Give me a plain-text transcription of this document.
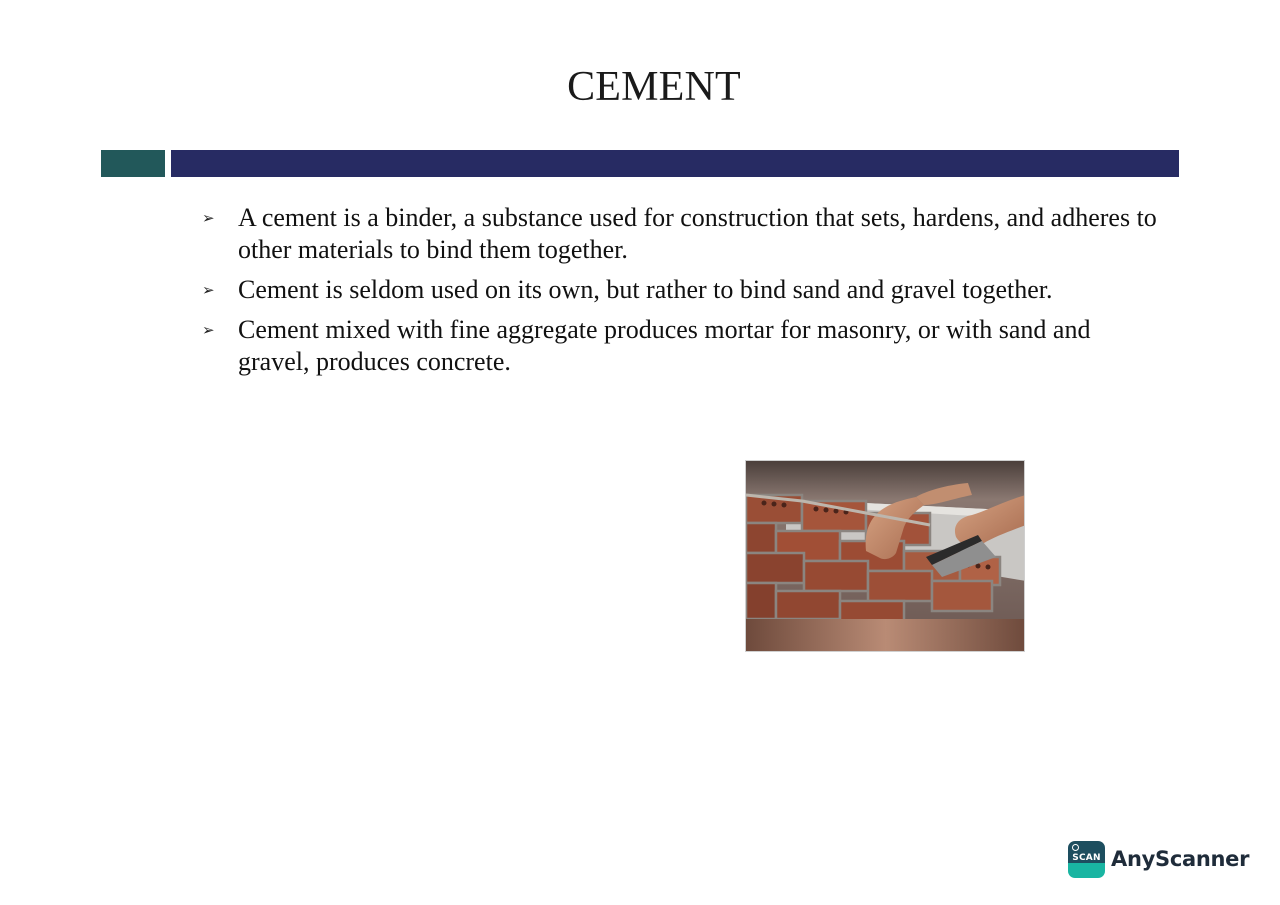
CEMENT
➢ A cement is a binder, a substance used for construction that sets, hardens, and adheres to other materials to bind them together.
➢ Cement is seldom used on its own, but rather to bind sand and gravel together.
➢ Cement mixed with fine aggregate produces mortar for masonry, or with sand and gravel, produces concrete.
SCAN AnyScanner
